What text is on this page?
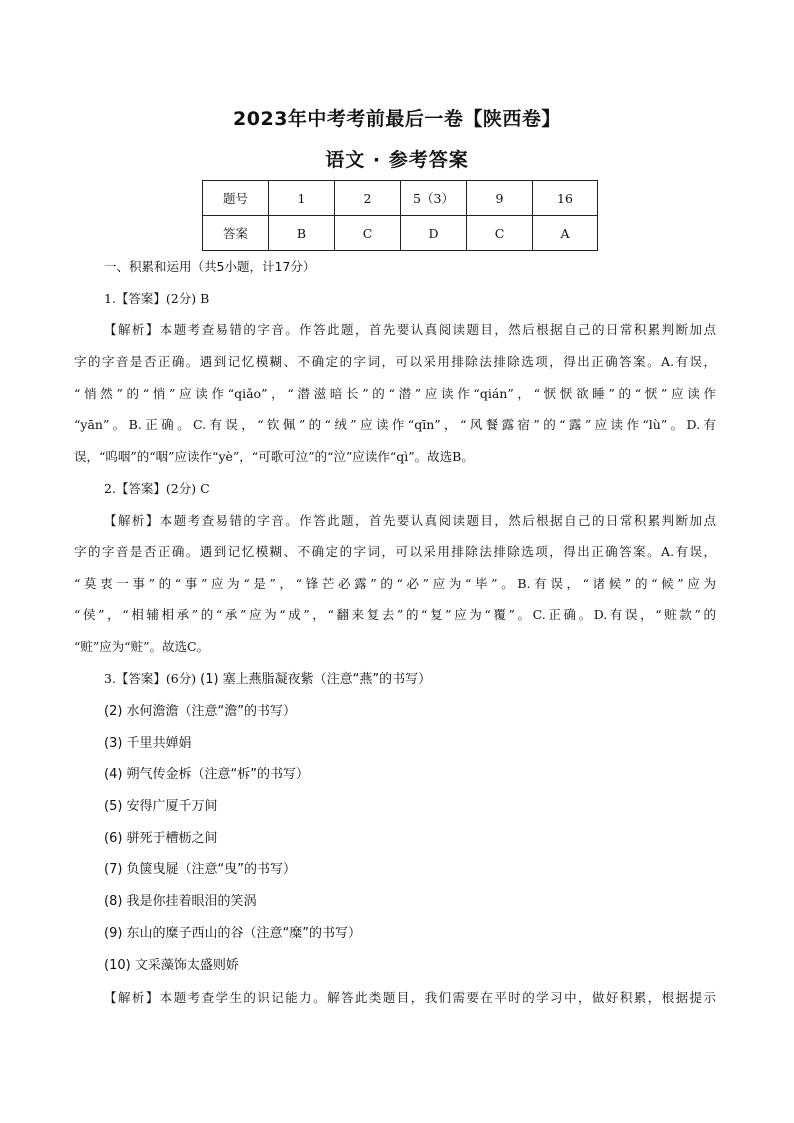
2023年中考考前最后一卷【陕西卷】
语文 · 参考答案
题号	1	2	5（3）	9	16
答案	B	C	D	C	A
一、积累和运用（共5小题，计17分）
1.【答案】(2分) B
【解析】本题考查易错的字音。作答此题，首先要认真阅读题目，然后根据自己的日常积累判断加点
字的字音是否正确。遇到记忆模糊、不确定的字词，可以采用排除法排除选项，得出正确答案。A.有误，
“悄然”的“悄”应读作“qiǎo”，“潜滋暗长”的“潜”应读作“qián”，“恹恹欲睡”的“恹”应读作
“yān”。B.正确。C.有误，“钦佩”的“绒”应读作“qīn”，“风餐露宿”的“露”应读作“lù”。D.有
误，“呜咽”的“咽”应读作“yè”，“可歌可泣”的“泣”应读作“qì”。故选B。
2.【答案】(2分) C
【解析】本题考查易错的字音。作答此题，首先要认真阅读题目，然后根据自己的日常积累判断加点
字的字音是否正确。遇到记忆模糊、不确定的字词，可以采用排除法排除选项，得出正确答案。A.有误，
“莫衷一事”的“事”应为“是”，“锋芒必露”的“必”应为“毕”。B.有误，“诸候”的“候”应为
“侯”，“相辅相承”的“承”应为“成”，“翻来复去”的“复”应为“覆”。C.正确。D.有误，“赃款”的
“赃”应为“赃”。故选C。
3.【答案】(6分) (1) 塞上燕脂凝夜紫（注意“燕”的书写）
(2) 水何澹澹（注意“澹”的书写）
(3) 千里共婵娟
(4) 朔气传金柝（注意“柝”的书写）
(5) 安得广厦千万间
(6) 骈死于槽枥之间
(7) 负箧曳屣（注意“曳”的书写）
(8) 我是你挂着眼泪的笑涡
(9) 东山的糜子西山的谷（注意“糜”的书写）
(10) 文采藻饰太盛则娇
【解析】本题考查学生的识记能力。解答此类题目，我们需要在平时的学习中，做好积累，根据提示
